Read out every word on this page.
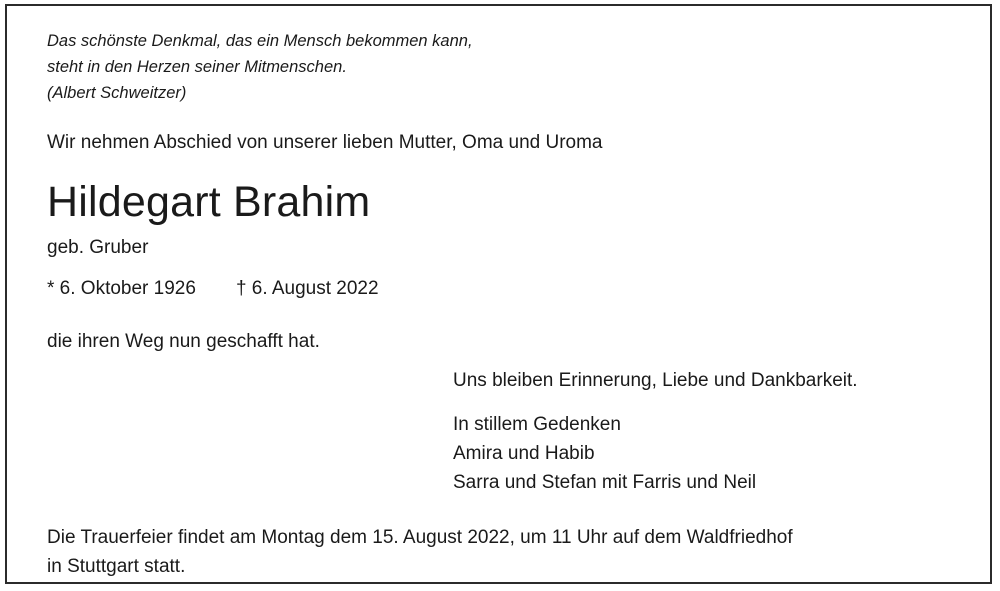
Das schönste Denkmal, das ein Mensch bekommen kann,
steht in den Herzen seiner Mitmenschen.
(Albert Schweitzer)
Wir nehmen Abschied von unserer lieben Mutter, Oma und Uroma
Hildegart Brahim
geb. Gruber
* 6. Oktober 1926 † 6. August 2022
die ihren Weg nun geschafft hat.
Uns bleiben Erinnerung, Liebe und Dankbarkeit.
In stillem Gedenken
Amira und Habib
Sarra und Stefan mit Farris und Neil
Die Trauerfeier findet am Montag dem 15. August 2022, um 11 Uhr auf dem Waldfriedhof
in Stuttgart statt.
